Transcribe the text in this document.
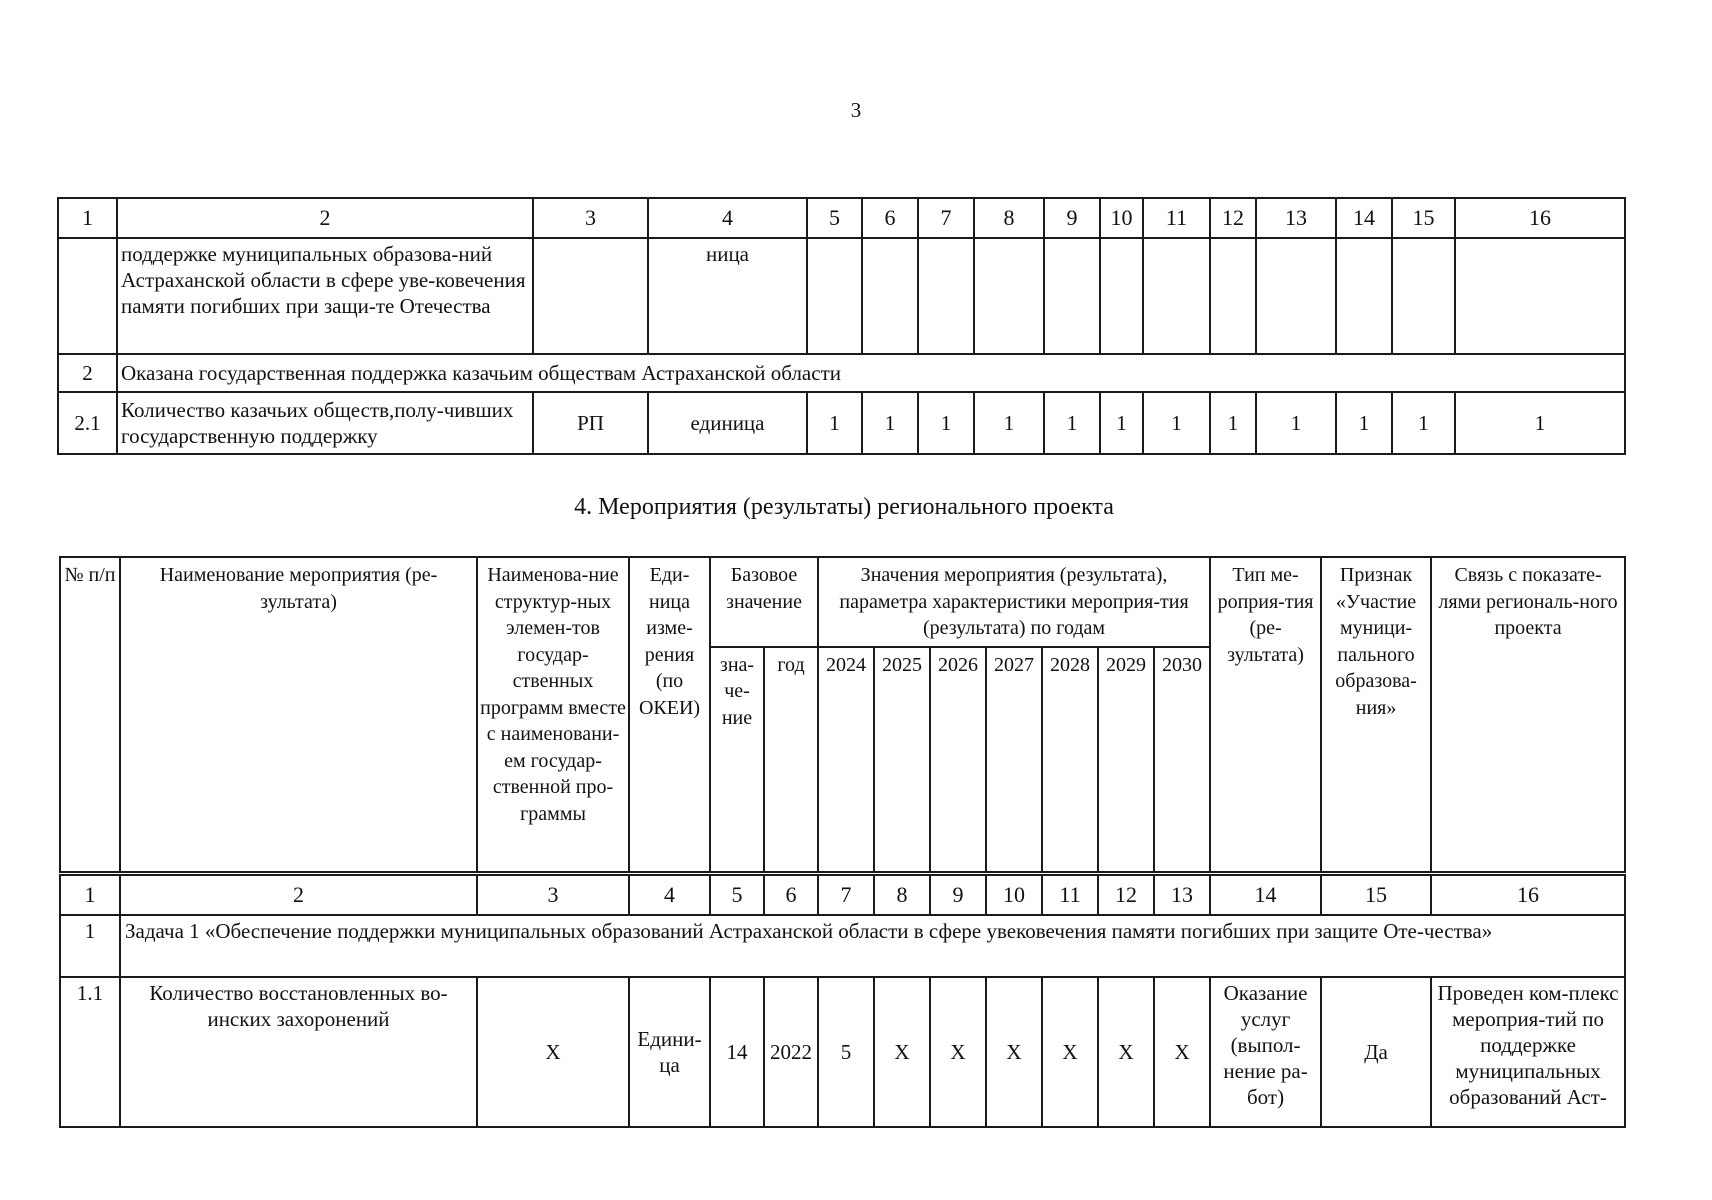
3
1	2	3	4	5	6	7	8	9	10	11	12	13	14	15	16
	поддержке муниципальных образова-ний Астраханской области в сфере уве-ковечения памяти погибших при защи-те Отечества		ница												
2	Оказана государственная поддержка казачьим обществам Астраханской области														
2.1	Количество казачьих обществ,полу-чивших государственную поддержку	РП	единица	1	1	1	1	1	1	1	1	1	1	1	1
4. Мероприятия (результаты) регионального проекта
№ п/п	Наименование мероприятия (ре-зультата)	Наименова-ние структур-ных элемен-тов государ-ственных программ вместе с наименовани-ем государ-ственной про-граммы	Еди-ница изме-рения (по ОКЕИ)	Базовое значение		Значения мероприятия (результата), параметра характеристики мероприя-тия (результата) по годам							Тип ме-роприя-тия (ре-зультата)	Признак «Участие муници-пального образова-ния»	Связь с показате-лями региональ-ного проекта
				зна-че-ние	год	2024	2025	2026	2027	2028	2029	2030			
1	2	3	4	5	6	7	8	9	10	11	12	13	14	15	16
1	Задача 1 «Обеспечение поддержки муниципальных образований Астраханской области в сфере увековечения памяти погибших при защите Оте-чества»														
1.1	Количество восстановленных во-инских захоронений	Х	Едини-ца	14	2022	5	Х	Х	Х	Х	Х	Х	Оказание услуг (выпол-нение ра-бот)	Да	Проведен ком-плекс мероприя-тий по поддержке муниципальных образований Аст-
